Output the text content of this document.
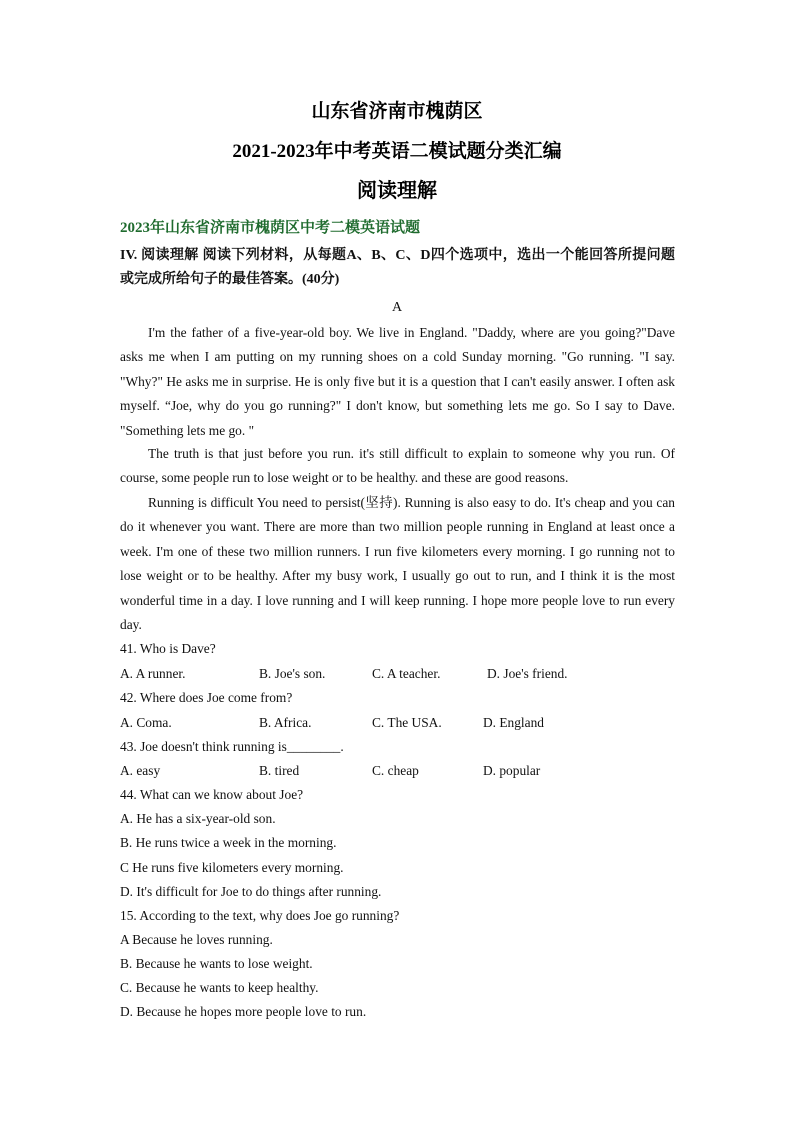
山东省济南市槐荫区
2021-2023年中考英语二模试题分类汇编
阅读理解
2023年山东省济南市槐荫区中考二模英语试题
IV. 阅读理解 阅读下列材料，从每题A、B、C、D四个选项中，选出一个能回答所提问题
或完成所给句子的最佳答案。(40分)
A
I'm the father of a five-year-old boy. We live in England. "Daddy, where are you going?"Dave asks me when I am putting on my running shoes on a cold Sunday morning. "Go running. "I say. "Why?" He asks me in surprise. He is only five but it is a question that I can't easily answer. I often ask myself. “Joe, why do you go running?" I don't know, but something lets me go. So I say to Dave. "Something lets me go. "
The truth is that just before you run. it's still difficult to explain to someone why you run. Of course, some people run to lose weight or to be healthy. and these are good reasons.
Running is difficult You need to persist(坚持). Running is also easy to do. It's cheap and you can do it whenever you want. There are more than two million people running in England at least once a week. I'm one of these two million runners. I run five kilometers every morning. I go running not to lose weight or to be healthy. After my busy work, I usually go out to run, and I think it is the most wonderful time in a day. I love running and I will keep running. I hope more people love to run every day.
41. Who is Dave?
A. A runner.	B. Joe's son.	C. A teacher.	D. Joe's friend.
42. Where does Joe come from?
A. Coma.	B. Africa.	C. The USA.	D. England
43. Joe doesn't think running is________.
A. easy	B. tired	C. cheap	D. popular
44. What can we know about Joe?
A. He has a six-year-old son.
B. He runs twice a week in the morning.
C He runs five kilometers every morning.
D. It's difficult for Joe to do things after running.
15. According to the text, why does Joe go running?
A Because he loves running.
B. Because he wants to lose weight.
C. Because he wants to keep healthy.
D. Because he hopes more people love to run.
